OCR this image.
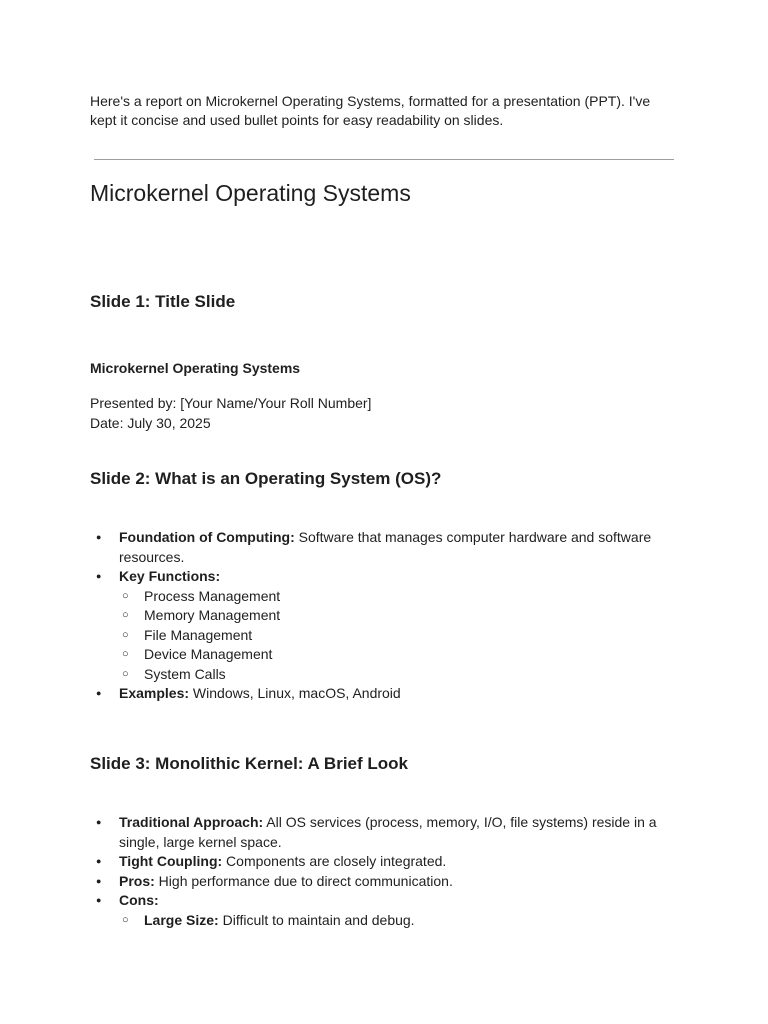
Here's a report on Microkernel Operating Systems, formatted for a presentation (PPT). I've kept it concise and used bullet points for easy readability on slides.
Microkernel Operating Systems
Slide 1: Title Slide
Microkernel Operating Systems
Presented by: [Your Name/Your Roll Number]
Date: July 30, 2025
Slide 2: What is an Operating System (OS)?
● Foundation of Computing: Software that manages computer hardware and software resources.
● Key Functions:
○ Process Management
○ Memory Management
○ File Management
○ Device Management
○ System Calls
● Examples: Windows, Linux, macOS, Android
Slide 3: Monolithic Kernel: A Brief Look
● Traditional Approach: All OS services (process, memory, I/O, file systems) reside in a single, large kernel space.
● Tight Coupling: Components are closely integrated.
● Pros: High performance due to direct communication.
● Cons:
○ Large Size: Difficult to maintain and debug.
